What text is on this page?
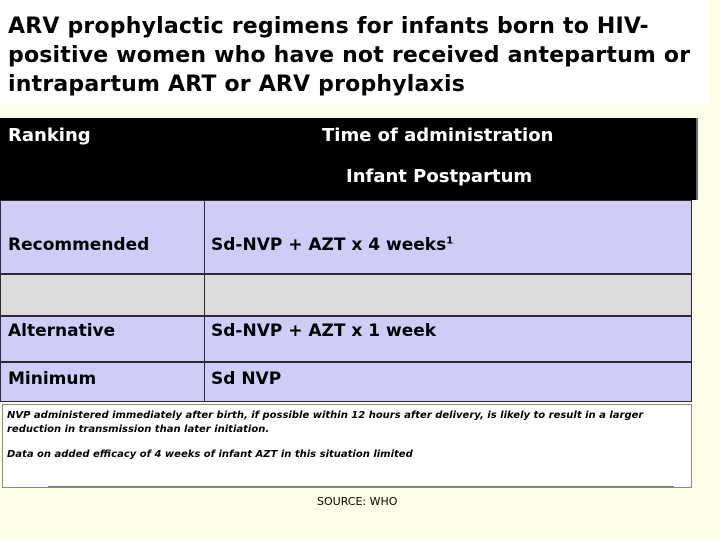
ARV prophylactic regimens for infants born to HIV-positive women who have not received antepartum or intrapartum ART or ARV prophylaxis
Ranking	Time of administration
Infant Postpartum
Recommended	Sd-NVP + AZT x 4 weeks$^1$
Alternative	Sd-NVP + AZT x 1 week
Minimum	Sd NVP
NVP administered immediately after birth, if possible within 12 hours after delivery, is likely to result in a larger reduction in transmission than later initiation.
Data on added efficacy of 4 weeks of infant AZT in this situation limited
SOURCE: WHO
